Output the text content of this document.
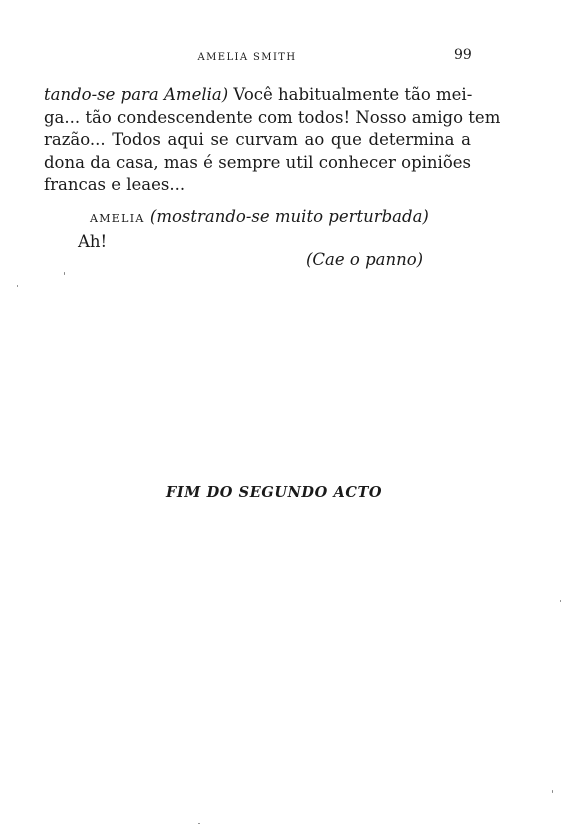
AMELIA SMITH	99
tando-se para Amelia) Você habitualmente tão mei-
ga... tão condescendente com todos! Nosso amigo tem
razão... Todos aqui se curvam ao que determina a
dona da casa, mas é sempre util conhecer opiniões
francas e leaes...
AMELIA (mostrando-se muito perturbada)
Ah!
(Cae o panno)
FIM DO SEGUNDO ACTO
